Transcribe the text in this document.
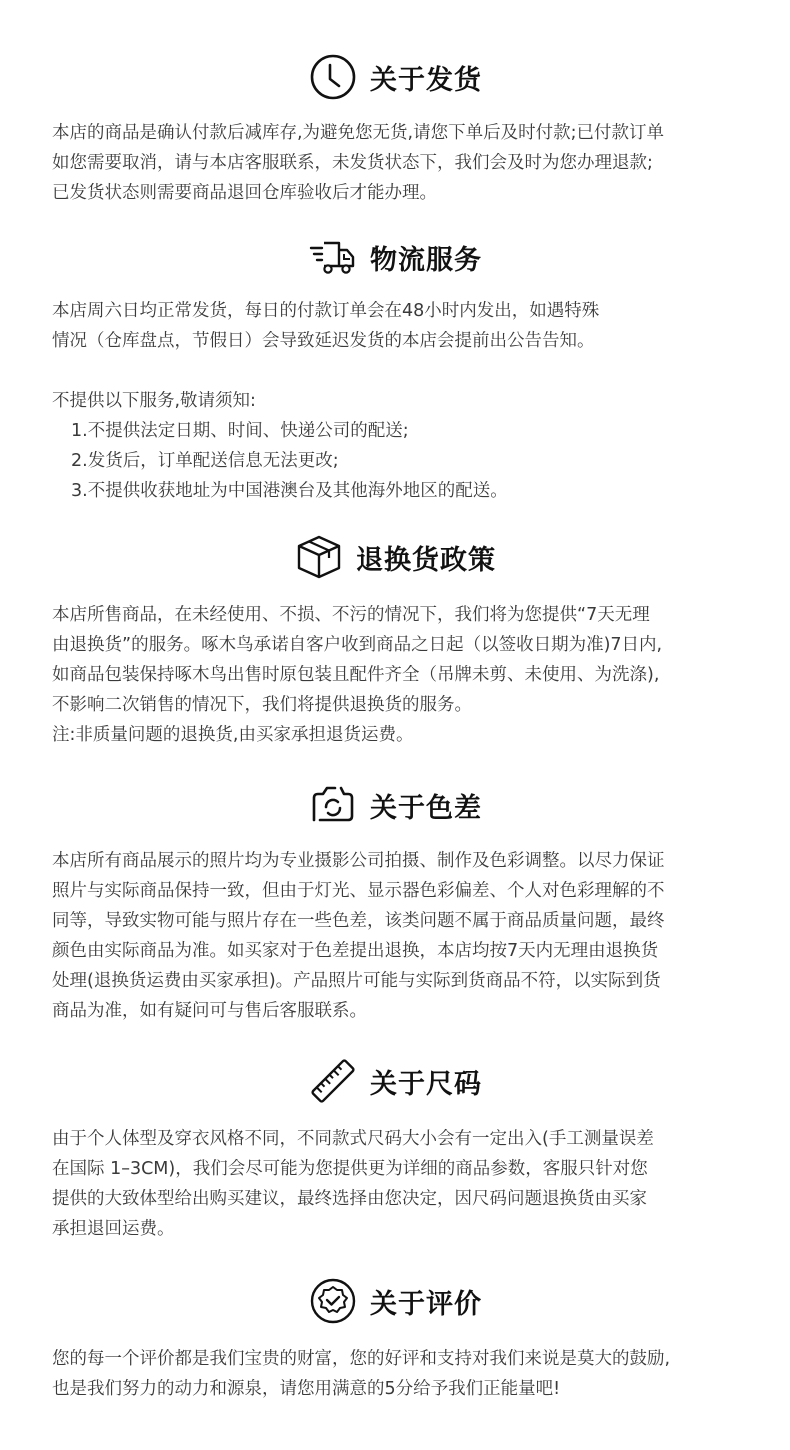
关于发货
本店的商品是确认付款后减库存,为避免您无货,请您下单后及时付款;已付款订单
如您需要取消，请与本店客服联系，未发货状态下，我们会及时为您办理退款;
已发货状态则需要商品退回仓库验收后才能办理。
物流服务
本店周六日均正常发货，每日的付款订单会在48小时内发出，如遇特殊
情况（仓库盘点，节假日）会导致延迟发货的本店会提前出公告告知。
不提供以下服务,敬请须知:
1.不提供法定日期、时间、快递公司的配送;
2.发货后，订单配送信息无法更改;
3.不提供收获地址为中国港澳台及其他海外地区的配送。
退换货政策
本店所售商品，在未经使用、不损、不污的情况下，我们将为您提供“7天无理
由退换货”的服务。啄木鸟承诺自客户收到商品之日起（以签收日期为准)7日内,
如商品包装保持啄木鸟出售时原包装且配件齐全（吊牌未剪、未使用、为洗涤),
不影响二次销售的情况下，我们将提供退换货的服务。
注:非质量问题的退换货,由买家承担退货运费。
关于色差
本店所有商品展示的照片均为专业摄影公司拍摄、制作及色彩调整。以尽力保证
照片与实际商品保持一致，但由于灯光、显示器色彩偏差、个人对色彩理解的不
同等，导致实物可能与照片存在一些色差，该类问题不属于商品质量问题，最终
颜色由实际商品为准。如买家对于色差提出退换，本店均按7天内无理由退换货
处理(退换货运费由买家承担)。产品照片可能与实际到货商品不符，以实际到货
商品为准，如有疑问可与售后客服联系。
关于尺码
由于个人体型及穿衣风格不同，不同款式尺码大小会有一定出入(手工测量误差
在国际 1–3CM)，我们会尽可能为您提供更为详细的商品参数，客服只针对您
提供的大致体型给出购买建议，最终选择由您决定，因尺码问题退换货由买家
承担退回运费。
关于评价
您的每一个评价都是我们宝贵的财富，您的好评和支持对我们来说是莫大的鼓励,
也是我们努力的动力和源泉，请您用满意的5分给予我们正能量吧!
